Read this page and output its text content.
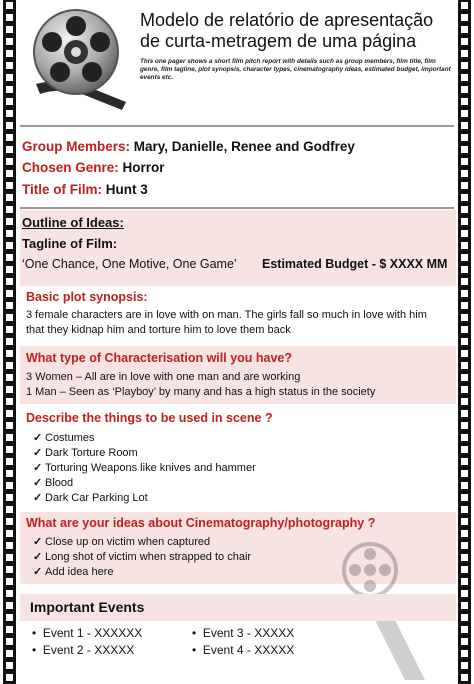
Modelo de relatório de apresentação de curta-metragem de uma página
This one pager shows a short film pitch report with details such as group members, film title, film genre, film tagline, plot synopsis, character types, cinematography ideas, estimated budget, important events etc.
Group Members: Mary, Danielle, Renee and Godfrey
Chosen Genre: Horror
Title of Film: Hunt 3
Outline of Ideas:
Tagline of Film:
‘One Chance, One Motive, One Game’ Estimated Budget - $ XXXX MM
Basic plot synopsis:
3 female characters are in love with on man. The girls fall so much in love with him that they kidnap him and torture him to love them back
What type of Characterisation will you have?
3 Women – All are in love with one man and are working
1 Man – Seen as ‘Playboy’ by many and has a high status in the society
Describe the things to be used in scene ?
✓ Costumes
✓ Dark Torture Room
✓ Torturing Weapons like knives and hammer
✓ Blood
✓ Dark Car Parking Lot
What are your ideas about Cinematography/photography ?
✓ Close up on victim when captured
✓ Long shot of victim when strapped to chair
✓ Add idea here
Important Events
• Event 1 - XXXXXX
• Event 2 - XXXXX
• Event 3 - XXXXX
• Event 4 - XXXXX
